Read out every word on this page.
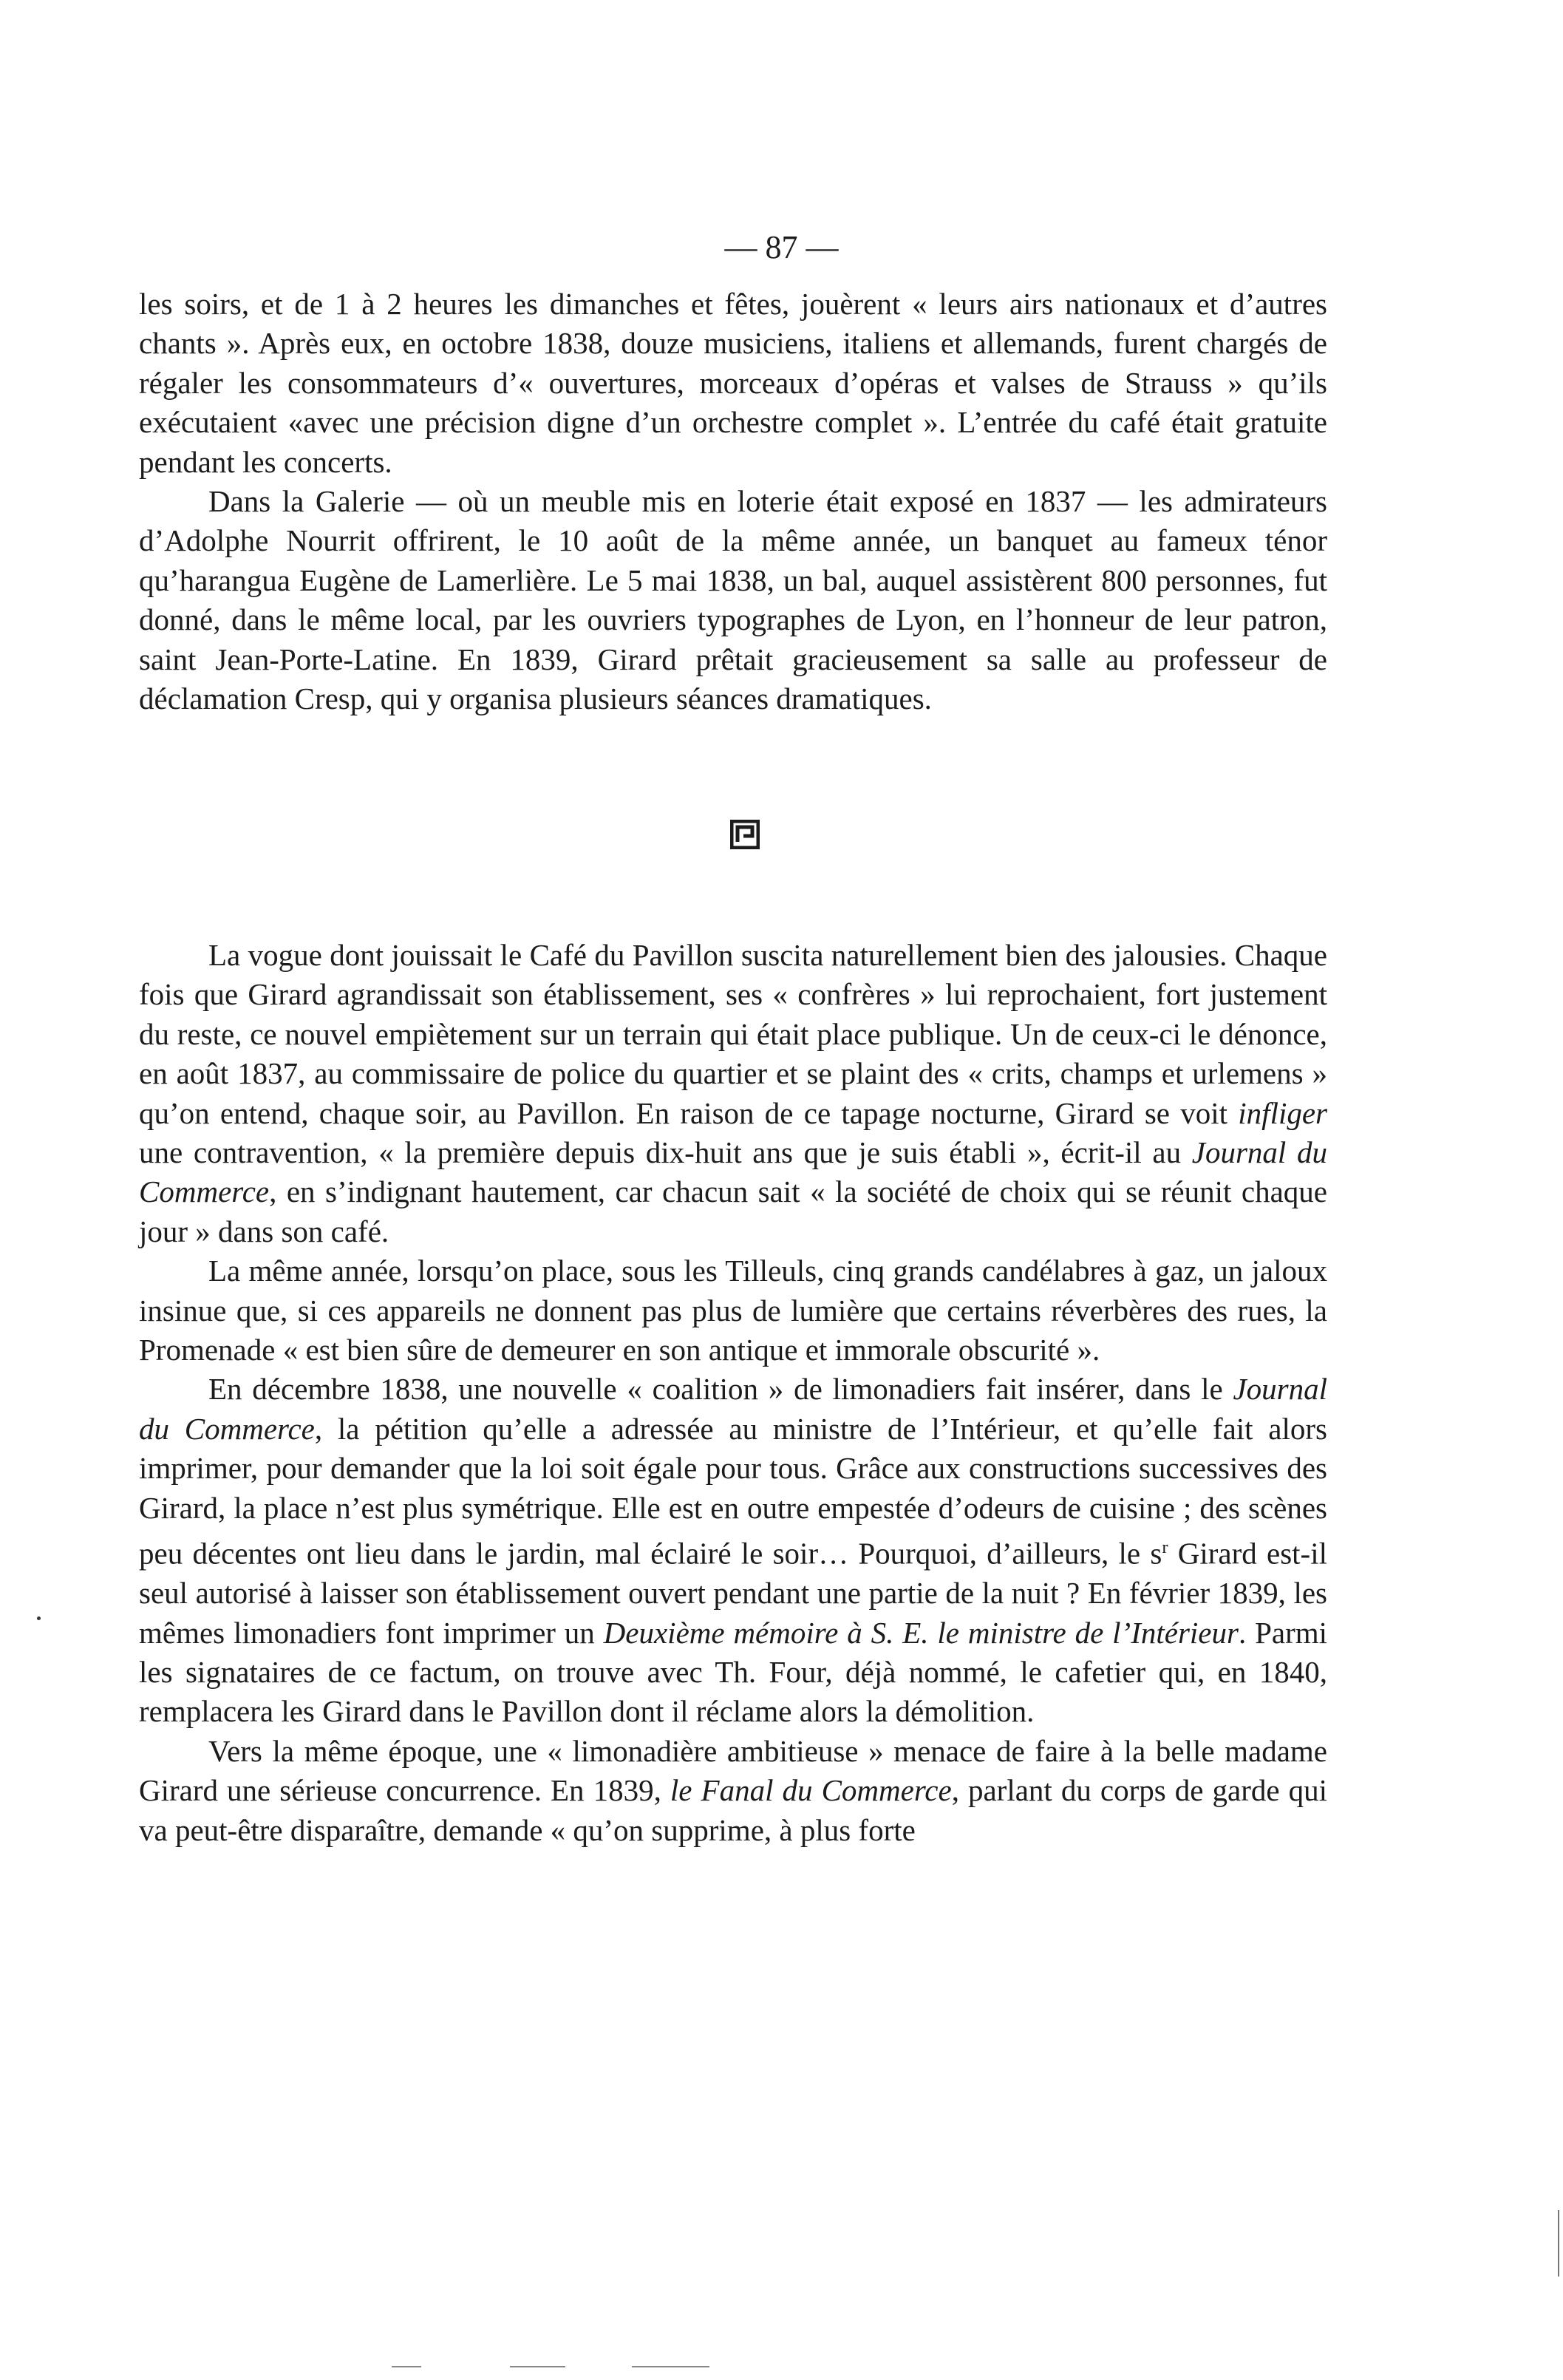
— 87 —

les soirs, et de 1 à 2 heures les dimanches et fêtes, jouèrent « leurs airs nationaux et d’autres chants ». Après eux, en octobre 1838, douze musiciens, italiens et allemands, furent chargés de régaler les consommateurs d’« ouvertures, morceaux d’opéras et valses de Strauss » qu’ils exécutaient «avec une précision digne d’un orchestre complet ». L’entrée du café était gratuite pendant les concerts.

Dans la Galerie — où un meuble mis en loterie était exposé en 1837 — les admirateurs d’Adolphe Nourrit offrirent, le 10 août de la même année, un banquet au fameux ténor qu’harangua Eugène de Lamerlière. Le 5 mai 1838, un bal, auquel assistèrent 800 personnes, fut donné, dans le même local, par les ouvriers typographes de Lyon, en l’honneur de leur patron, saint Jean-Porte-Latine. En 1839, Girard prêtait gracieusement sa salle au professeur de déclamation Cresp, qui y organisa plusieurs séances dramatiques.

La vogue dont jouissait le Café du Pavillon suscita naturellement bien des jalousies. Chaque fois que Girard agrandissait son établissement, ses « confrères » lui reprochaient, fort justement du reste, ce nouvel empiètement sur un terrain qui était place publique. Un de ceux-ci le dénonce, en août 1837, au commissaire de police du quartier et se plaint des « crits, champs et urlemens » qu’on entend, chaque soir, au Pavillon. En raison de ce tapage nocturne, Girard se voit infliger une contravention, « la première depuis dix-huit ans que je suis établi », écrit-il au Journal du Commerce, en s’indignant hautement, car chacun sait « la société de choix qui se réunit chaque jour » dans son café.

La même année, lorsqu’on place, sous les Tilleuls, cinq grands candélabres à gaz, un jaloux insinue que, si ces appareils ne donnent pas plus de lumière que certains réverbères des rues, la Promenade « est bien sûre de demeurer en son antique et immorale obscurité ».

En décembre 1838, une nouvelle « coalition » de limonadiers fait insérer, dans le Journal du Commerce, la pétition qu’elle a adressée au ministre de l’Intérieur, et qu’elle fait alors imprimer, pour demander que la loi soit égale pour tous. Grâce aux constructions successives des Girard, la place n’est plus symétrique. Elle est en outre empestée d’odeurs de cuisine ; des scènes peu décentes ont lieu dans le jardin, mal éclairé le soir… Pourquoi, d’ailleurs, le $s^r$ Girard est-il seul autorisé à laisser son établissement ouvert pendant une partie de la nuit ? En février 1839, les mêmes limonadiers font imprimer un Deuxième mémoire à S. E. le ministre de l’Intérieur. Parmi les signataires de ce factum, on trouve avec Th. Four, déjà nommé, le cafetier qui, en 1840, remplacera les Girard dans le Pavillon dont il réclame alors la démolition.

Vers la même époque, une « limonadière ambitieuse » menace de faire à la belle madame Girard une sérieuse concurrence. En 1839, le Fanal du Commerce, parlant du corps de garde qui va peut-être disparaître, demande « qu’on supprime, à plus forte
